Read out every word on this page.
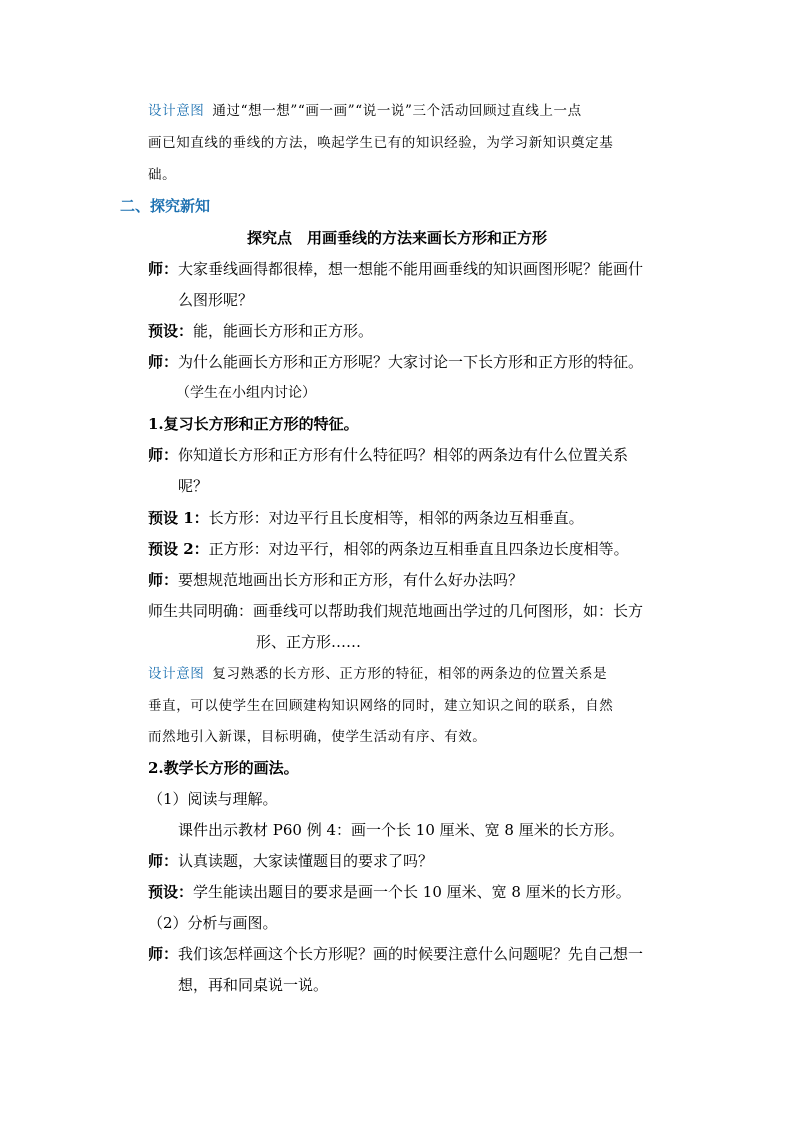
设计意图 通过“想一想”“画一画”“说一说”三个活动回顾过直线上一点
画已知直线的垂线的方法，唤起学生已有的知识经验，为学习新知识奠定基
础。
二、探究新知
探究点　用画垂线的方法来画长方形和正方形
师：大家垂线画得都很棒，想一想能不能用画垂线的知识画图形呢？能画什
么图形呢？
预设：能，能画长方形和正方形。
师：为什么能画长方形和正方形呢？大家讨论一下长方形和正方形的特征。
（学生在小组内讨论）
1.复习长方形和正方形的特征。
师：你知道长方形和正方形有什么特征吗？相邻的两条边有什么位置关系
呢？
预设 1：长方形：对边平行且长度相等，相邻的两条边互相垂直。
预设 2：正方形：对边平行，相邻的两条边互相垂直且四条边长度相等。
师：要想规范地画出长方形和正方形，有什么好办法吗？
师生共同明确：画垂线可以帮助我们规范地画出学过的几何图形，如：长方
形、正方形……
设计意图 复习熟悉的长方形、正方形的特征，相邻的两条边的位置关系是
垂直，可以使学生在回顾建构知识网络的同时，建立知识之间的联系，自然
而然地引入新课，目标明确，使学生活动有序、有效。
2.教学长方形的画法。
（1）阅读与理解。
课件出示教材 P60 例 4：画一个长 10 厘米、宽 8 厘米的长方形。
师：认真读题，大家读懂题目的要求了吗？
预设：学生能读出题目的要求是画一个长 10 厘米、宽 8 厘米的长方形。
（2）分析与画图。
师：我们该怎样画这个长方形呢？画的时候要注意什么问题呢？先自己想一
想，再和同桌说一说。
